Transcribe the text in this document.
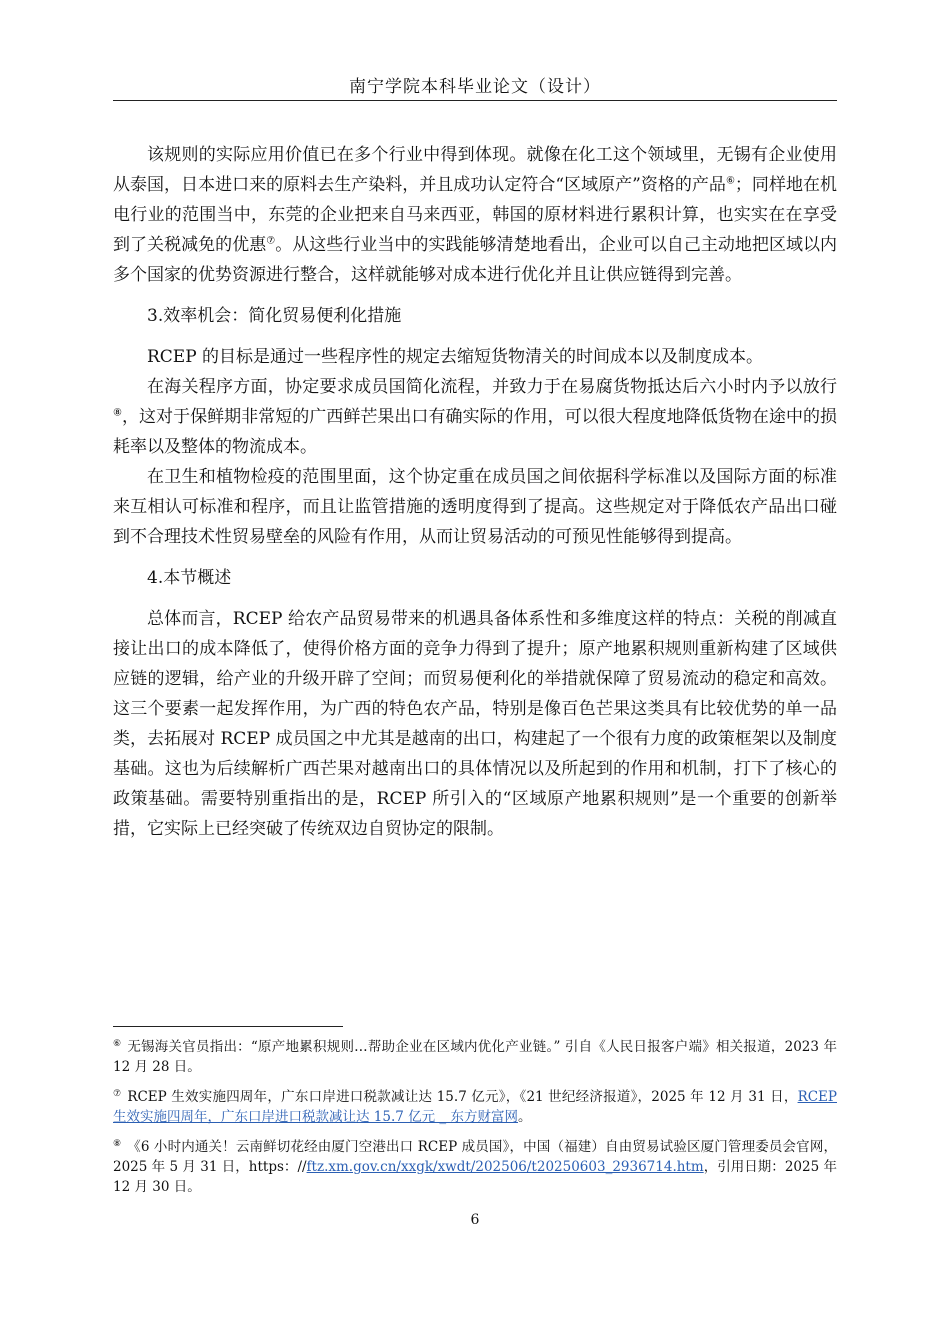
南宁学院本科毕业论文（设计）

该规则的实际应用价值已在多个行业中得到体现。就像在化工这个领域里，无锡有企业使用从泰国，日本进口来的原料去生产染料，并且成功认定符合“区域原产”资格的产品⑥；同样地在机电行业的范围当中，东莞的企业把来自马来西亚，韩国的原材料进行累积计算，也实实在在享受到了关税减免的优惠⑦。从这些行业当中的实践能够清楚地看出，企业可以自己主动地把区域以内多个国家的优势资源进行整合，这样就能够对成本进行优化并且让供应链得到完善。

3.效率机会：简化贸易便利化措施

RCEP 的目标是通过一些程序性的规定去缩短货物清关的时间成本以及制度成本。

在海关程序方面，协定要求成员国简化流程，并致力于在易腐货物抵达后六小时内予以放行⑧，这对于保鲜期非常短的广西鲜芒果出口有确实际的作用，可以很大程度地降低货物在途中的损耗率以及整体的物流成本。

在卫生和植物检疫的范围里面，这个协定重在成员国之间依据科学标准以及国际方面的标准来互相认可标准和程序，而且让监管措施的透明度得到了提高。这些规定对于降低农产品出口碰到不合理技术性贸易壁垒的风险有作用，从而让贸易活动的可预见性能够得到提高。

4.本节概述

总体而言，RCEP 给农产品贸易带来的机遇具备体系性和多维度这样的特点：关税的削减直接让出口的成本降低了，使得价格方面的竞争力得到了提升；原产地累积规则重新构建了区域供应链的逻辑，给产业的升级开辟了空间；而贸易便利化的举措就保障了贸易流动的稳定和高效。这三个要素一起发挥作用，为广西的特色农产品，特别是像百色芒果这类具有比较优势的单一品类，去拓展对 RCEP 成员国之中尤其是越南的出口，构建起了一个很有力度的政策框架以及制度基础。这也为后续解析广西芒果对越南出口的具体情况以及所起到的作用和机制，打下了核心的政策基础。需要特别重指出的是，RCEP 所引入的“区域原产地累积规则”是一个重要的创新举措，它实际上已经突破了传统双边自贸协定的限制。

⑥ 无锡海关官员指出：“原产地累积规则…帮助企业在区域内优化产业链。” 引自《人民日报客户端》相关报道，2023 年 12 月 28 日。

⑦ RCEP 生效实施四周年，广东口岸进口税款减让达 15.7 亿元》，《21 世纪经济报道》，2025 年 12 月 31 日，RCEP 生效实施四周年，广东口岸进口税款减让达 15.7 亿元 _ 东方财富网。

⑧ 《6 小时内通关！云南鲜切花经由厦门空港出口 RCEP 成员国》，中国（福建）自由贸易试验区厦门管理委员会官网，2025 年 5 月 31 日，https：//ftz.xm.gov.cn/xxgk/xwdt/202506/t20250603_2936714.htm，引用日期：2025 年 12 月 30 日。

6
